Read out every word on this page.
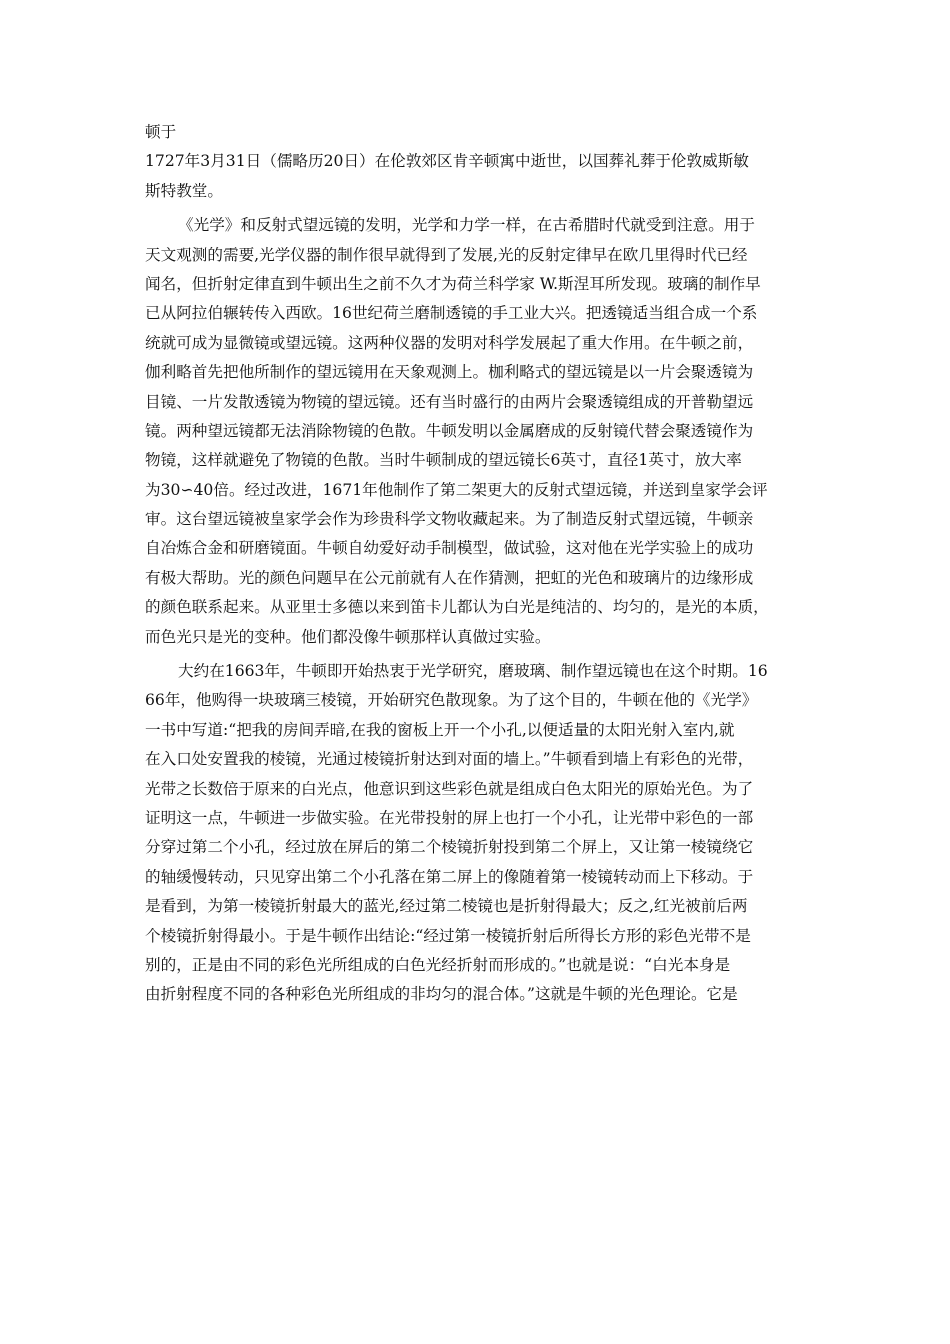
顿于
1727年3月31日（儒略历20日）在伦敦郊区肯辛顿寓中逝世，以国葬礼葬于伦敦威斯敏
斯特教堂。
《光学》和反射式望远镜的发明，光学和力学一样，在古希腊时代就受到注意。用于
天文观测的需要,光学仪器的制作很早就得到了发展,光的反射定律早在欧几里得时代已经
闻名，但折射定律直到牛顿出生之前不久才为荷兰科学家 W.斯涅耳所发现。玻璃的制作早
已从阿拉伯辗转传入西欧。16世纪荷兰磨制透镜的手工业大兴。把透镜适当组合成一个系
统就可成为显微镜或望远镜。这两种仪器的发明对科学发展起了重大作用。在牛顿之前，
伽利略首先把他所制作的望远镜用在天象观测上。枷利略式的望远镜是以一片会聚透镜为
目镜、一片发散透镜为物镜的望远镜。还有当时盛行的由两片会聚透镜组成的开普勒望远
镜。两种望远镜都无法消除物镜的色散。牛顿发明以金属磨成的反射镜代替会聚透镜作为
物镜，这样就避免了物镜的色散。当时牛顿制成的望远镜长6英寸，直径1英寸，放大率
为30∽40倍。经过改进，1671年他制作了第二架更大的反射式望远镜，并送到皇家学会评
审。这台望远镜被皇家学会作为珍贵科学文物收藏起来。为了制造反射式望远镜，牛顿亲
自冶炼合金和研磨镜面。牛顿自幼爱好动手制模型，做试验，这对他在光学实验上的成功
有极大帮助。光的颜色问题早在公元前就有人在作猜测，把虹的光色和玻璃片的边缘形成
的颜色联系起来。从亚里士多德以来到笛卡儿都认为白光是纯洁的、均匀的，是光的本质，
而色光只是光的变种。他们都没像牛顿那样认真做过实验。
大约在1663年，牛顿即开始热衷于光学研究，磨玻璃、制作望远镜也在这个时期。16
66年，他购得一块玻璃三棱镜，开始研究色散现象。为了这个目的，牛顿在他的《光学》
一书中写道:“把我的房间弄暗,在我的窗板上开一个小孔,以便适量的太阳光射入室内,就
在入口处安置我的棱镜，光通过棱镜折射达到对面的墙上。”牛顿看到墙上有彩色的光带，
光带之长数倍于原来的白光点，他意识到这些彩色就是组成白色太阳光的原始光色。为了
证明这一点，牛顿进一步做实验。在光带投射的屏上也打一个小孔，让光带中彩色的一部
分穿过第二个小孔，经过放在屏后的第二个棱镜折射投到第二个屏上，又让第一棱镜绕它
的轴缓慢转动，只见穿出第二个小孔落在第二屏上的像随着第一棱镜转动而上下移动。于
是看到，为第一棱镜折射最大的蓝光,经过第二棱镜也是折射得最大；反之,红光被前后两
个棱镜折射得最小。于是牛顿作出结论:“经过第一棱镜折射后所得长方形的彩色光带不是
别的，正是由不同的彩色光所组成的白色光经折射而形成的。”也就是说：“白光本身是
由折射程度不同的各种彩色光所组成的非均匀的混合体。”这就是牛顿的光色理论。它是
